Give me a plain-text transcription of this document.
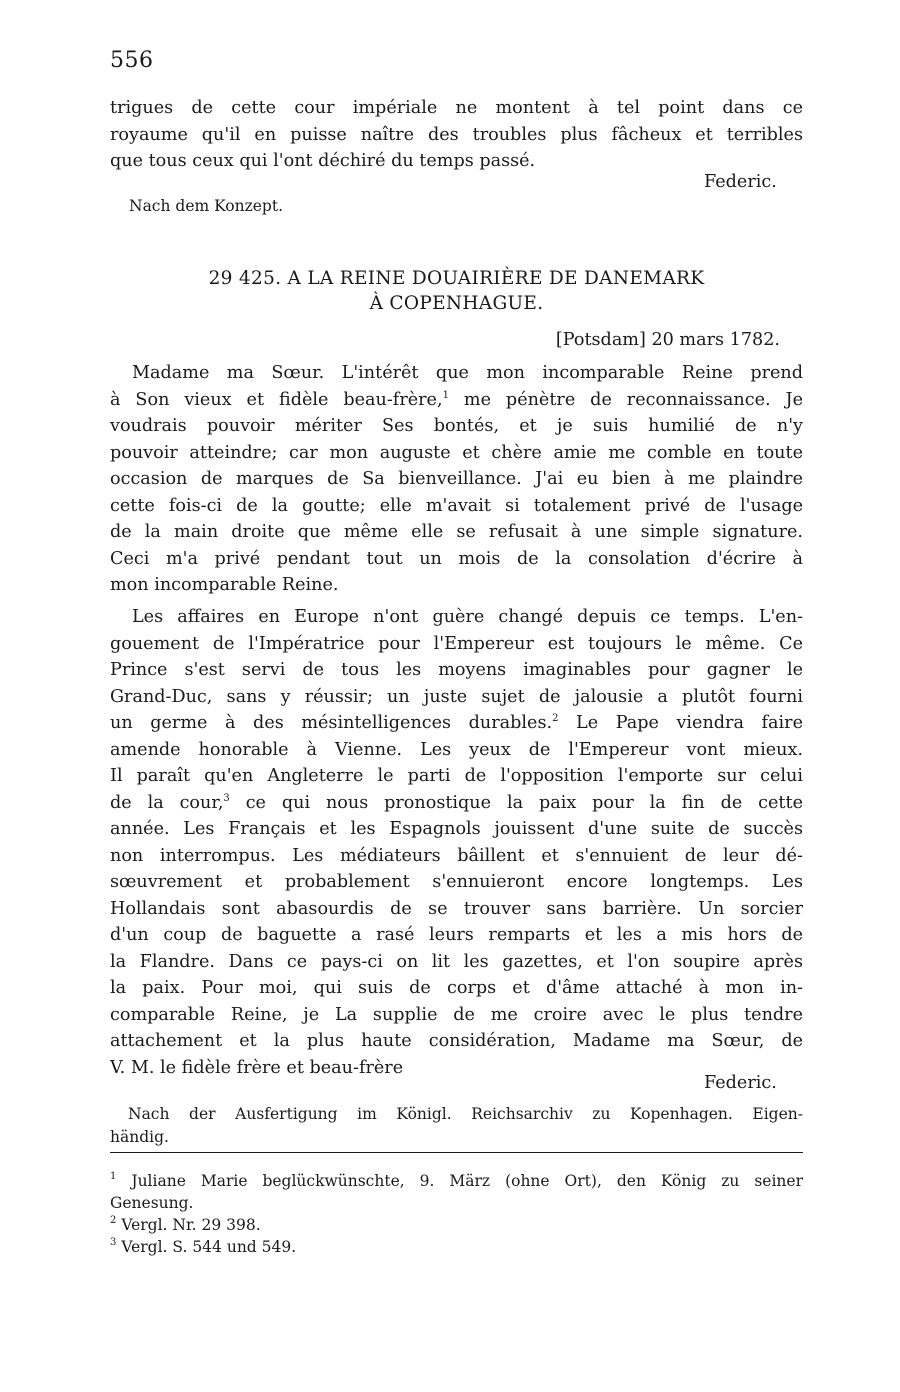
556
trigues de cette cour impériale ne montent à tel point dans ce
royaume qu'il en puisse naître des troubles plus fâcheux et terribles
que tous ceux qui l'ont déchiré du temps passé.
Federic.
Nach dem Konzept.
29 425. A LA REINE DOUAIRIÈRE DE DANEMARK
À COPENHAGUE.
[Potsdam] 20 mars 1782.
Madame ma Sœur. L'intérêt que mon incomparable Reine prend
à Son vieux et fidèle beau-frère,$^1$ me pénètre de reconnaissance. Je
voudrais pouvoir mériter Ses bontés, et je suis humilié de n'y
pouvoir atteindre; car mon auguste et chère amie me comble en toute
occasion de marques de Sa bienveillance. J'ai eu bien à me plaindre
cette fois-ci de la goutte; elle m'avait si totalement privé de l'usage
de la main droite que même elle se refusait à une simple signature.
Ceci m'a privé pendant tout un mois de la consolation d'écrire à
mon incomparable Reine.
Les affaires en Europe n'ont guère changé depuis ce temps. L'en-
gouement de l'Impératrice pour l'Empereur est toujours le même. Ce
Prince s'est servi de tous les moyens imaginables pour gagner le
Grand-Duc, sans y réussir; un juste sujet de jalousie a plutôt fourni
un germe à des mésintelligences durables.$^2$ Le Pape viendra faire
amende honorable à Vienne. Les yeux de l'Empereur vont mieux.
Il paraît qu'en Angleterre le parti de l'opposition l'emporte sur celui
de la cour,$^3$ ce qui nous pronostique la paix pour la fin de cette
année. Les Français et les Espagnols jouissent d'une suite de succès
non interrompus. Les médiateurs bâillent et s'ennuient de leur dé-
sœuvrement et probablement s'ennuieront encore longtemps. Les
Hollandais sont abasourdis de se trouver sans barrière. Un sorcier
d'un coup de baguette a rasé leurs remparts et les a mis hors de
la Flandre. Dans ce pays-ci on lit les gazettes, et l'on soupire après
la paix. Pour moi, qui suis de corps et d'âme attaché à mon in-
comparable Reine, je La supplie de me croire avec le plus tendre
attachement et la plus haute considération, Madame ma Sœur, de
V. M. le fidèle frère et beau-frère
Federic.
Nach der Ausfertigung im Königl. Reichsarchiv zu Kopenhagen. Eigen-
händig.
$^1$ Juliane Marie beglückwünschte, 9. März (ohne Ort), den König zu seiner
Genesung.
$^2$ Vergl. Nr. 29 398.
$^3$ Vergl. S. 544 und 549.
